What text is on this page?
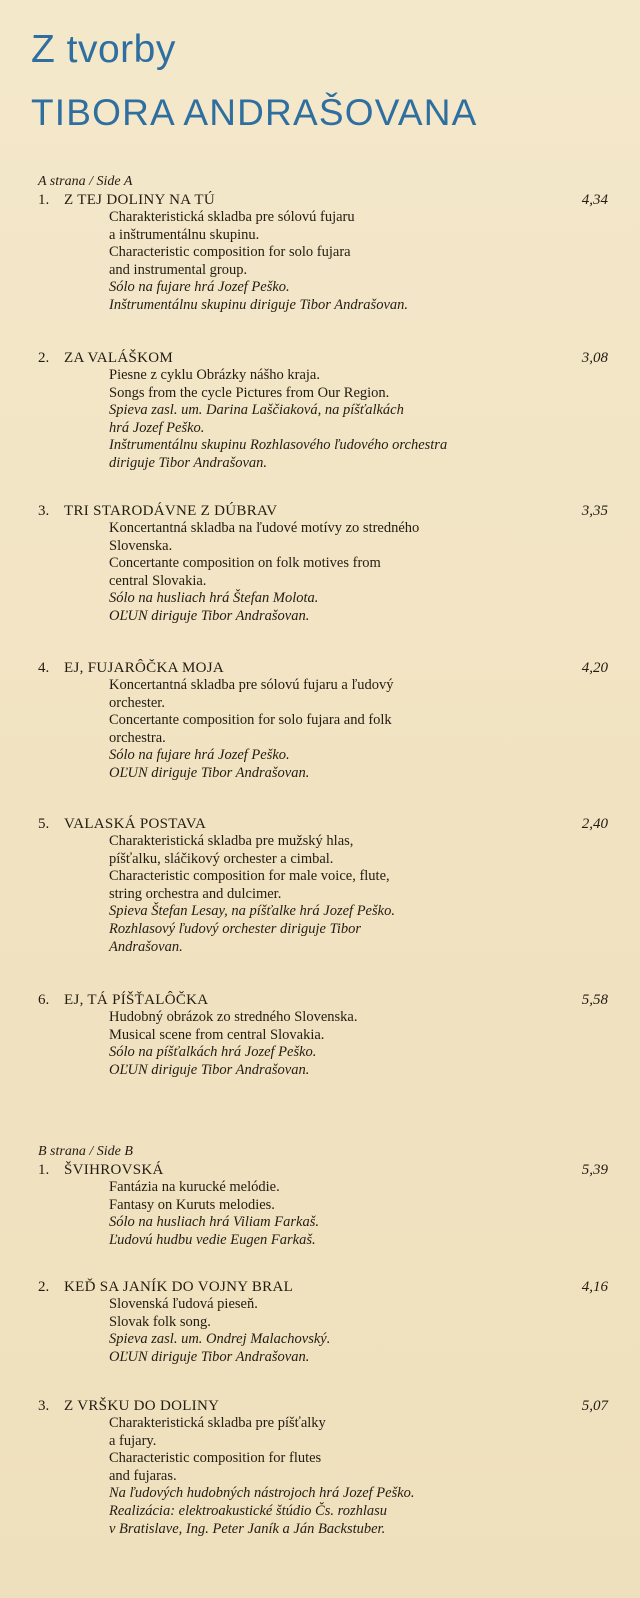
Z tvorby
TIBORA ANDRAŠOVANA
A strana / Side A
1. Z TEJ DOLINY NA TÚ	4,34
Charakteristická skladba pre sólovú fujaru
a inštrumentálnu skupinu.
Characteristic composition for solo fujara
and instrumental group.
Sólo na fujare hrá Jozef Peško.
Inštrumentálnu skupinu diriguje Tibor Andrašovan.
2. ZA VALÁŠKOM	3,08
Piesne z cyklu Obrázky nášho kraja.
Songs from the cycle Pictures from Our Region.
Spieva zasl. um. Darina Laščiaková, na píšťalkách
hrá Jozef Peško.
Inštrumentálnu skupinu Rozhlasového ľudového orchestra
diriguje Tibor Andrašovan.
3. TRI STARODÁVNE Z DÚBRAV	3,35
Koncertantná skladba na ľudové motívy zo stredného
Slovenska.
Concertante composition on folk motives from
central Slovakia.
Sólo na husliach hrá Štefan Molota.
OĽUN diriguje Tibor Andrašovan.
4. EJ, FUJARÔČKA MOJA	4,20
Koncertantná skladba pre sólovú fujaru a ľudový
orchester.
Concertante composition for solo fujara and folk
orchestra.
Sólo na fujare hrá Jozef Peško.
OĽUN diriguje Tibor Andrašovan.
5. VALASKÁ POSTAVA	2,40
Charakteristická skladba pre mužský hlas,
píšťalku, sláčikový orchester a cimbal.
Characteristic composition for male voice, flute,
string orchestra and dulcimer.
Spieva Štefan Lesay, na píšťalke hrá Jozef Peško.
Rozhlasový ľudový orchester diriguje Tibor
Andrašovan.
6. EJ, TÁ PÍŠŤALÔČKA	5,58
Hudobný obrázok zo stredného Slovenska.
Musical scene from central Slovakia.
Sólo na píšťalkách hrá Jozef Peško.
OĽUN diriguje Tibor Andrašovan.
B strana / Side B
1. ŠVIHROVSKÁ	5,39
Fantázia na kurucké melódie.
Fantasy on Kuruts melodies.
Sólo na husliach hrá Viliam Farkaš.
Ľudovú hudbu vedie Eugen Farkaš.
2. KEĎ SA JANÍK DO VOJNY BRAL	4,16
Slovenská ľudová pieseň.
Slovak folk song.
Spieva zasl. um. Ondrej Malachovský.
OĽUN diriguje Tibor Andrašovan.
3. Z VRŠKU DO DOLINY	5,07
Charakteristická skladba pre píšťalky
a fujary.
Characteristic composition for flutes
and fujaras.
Na ľudových hudobných nástrojoch hrá Jozef Peško.
Realizácia: elektroakustické štúdio Čs. rozhlasu
v Bratislave, Ing. Peter Janík a Ján Backstuber.
